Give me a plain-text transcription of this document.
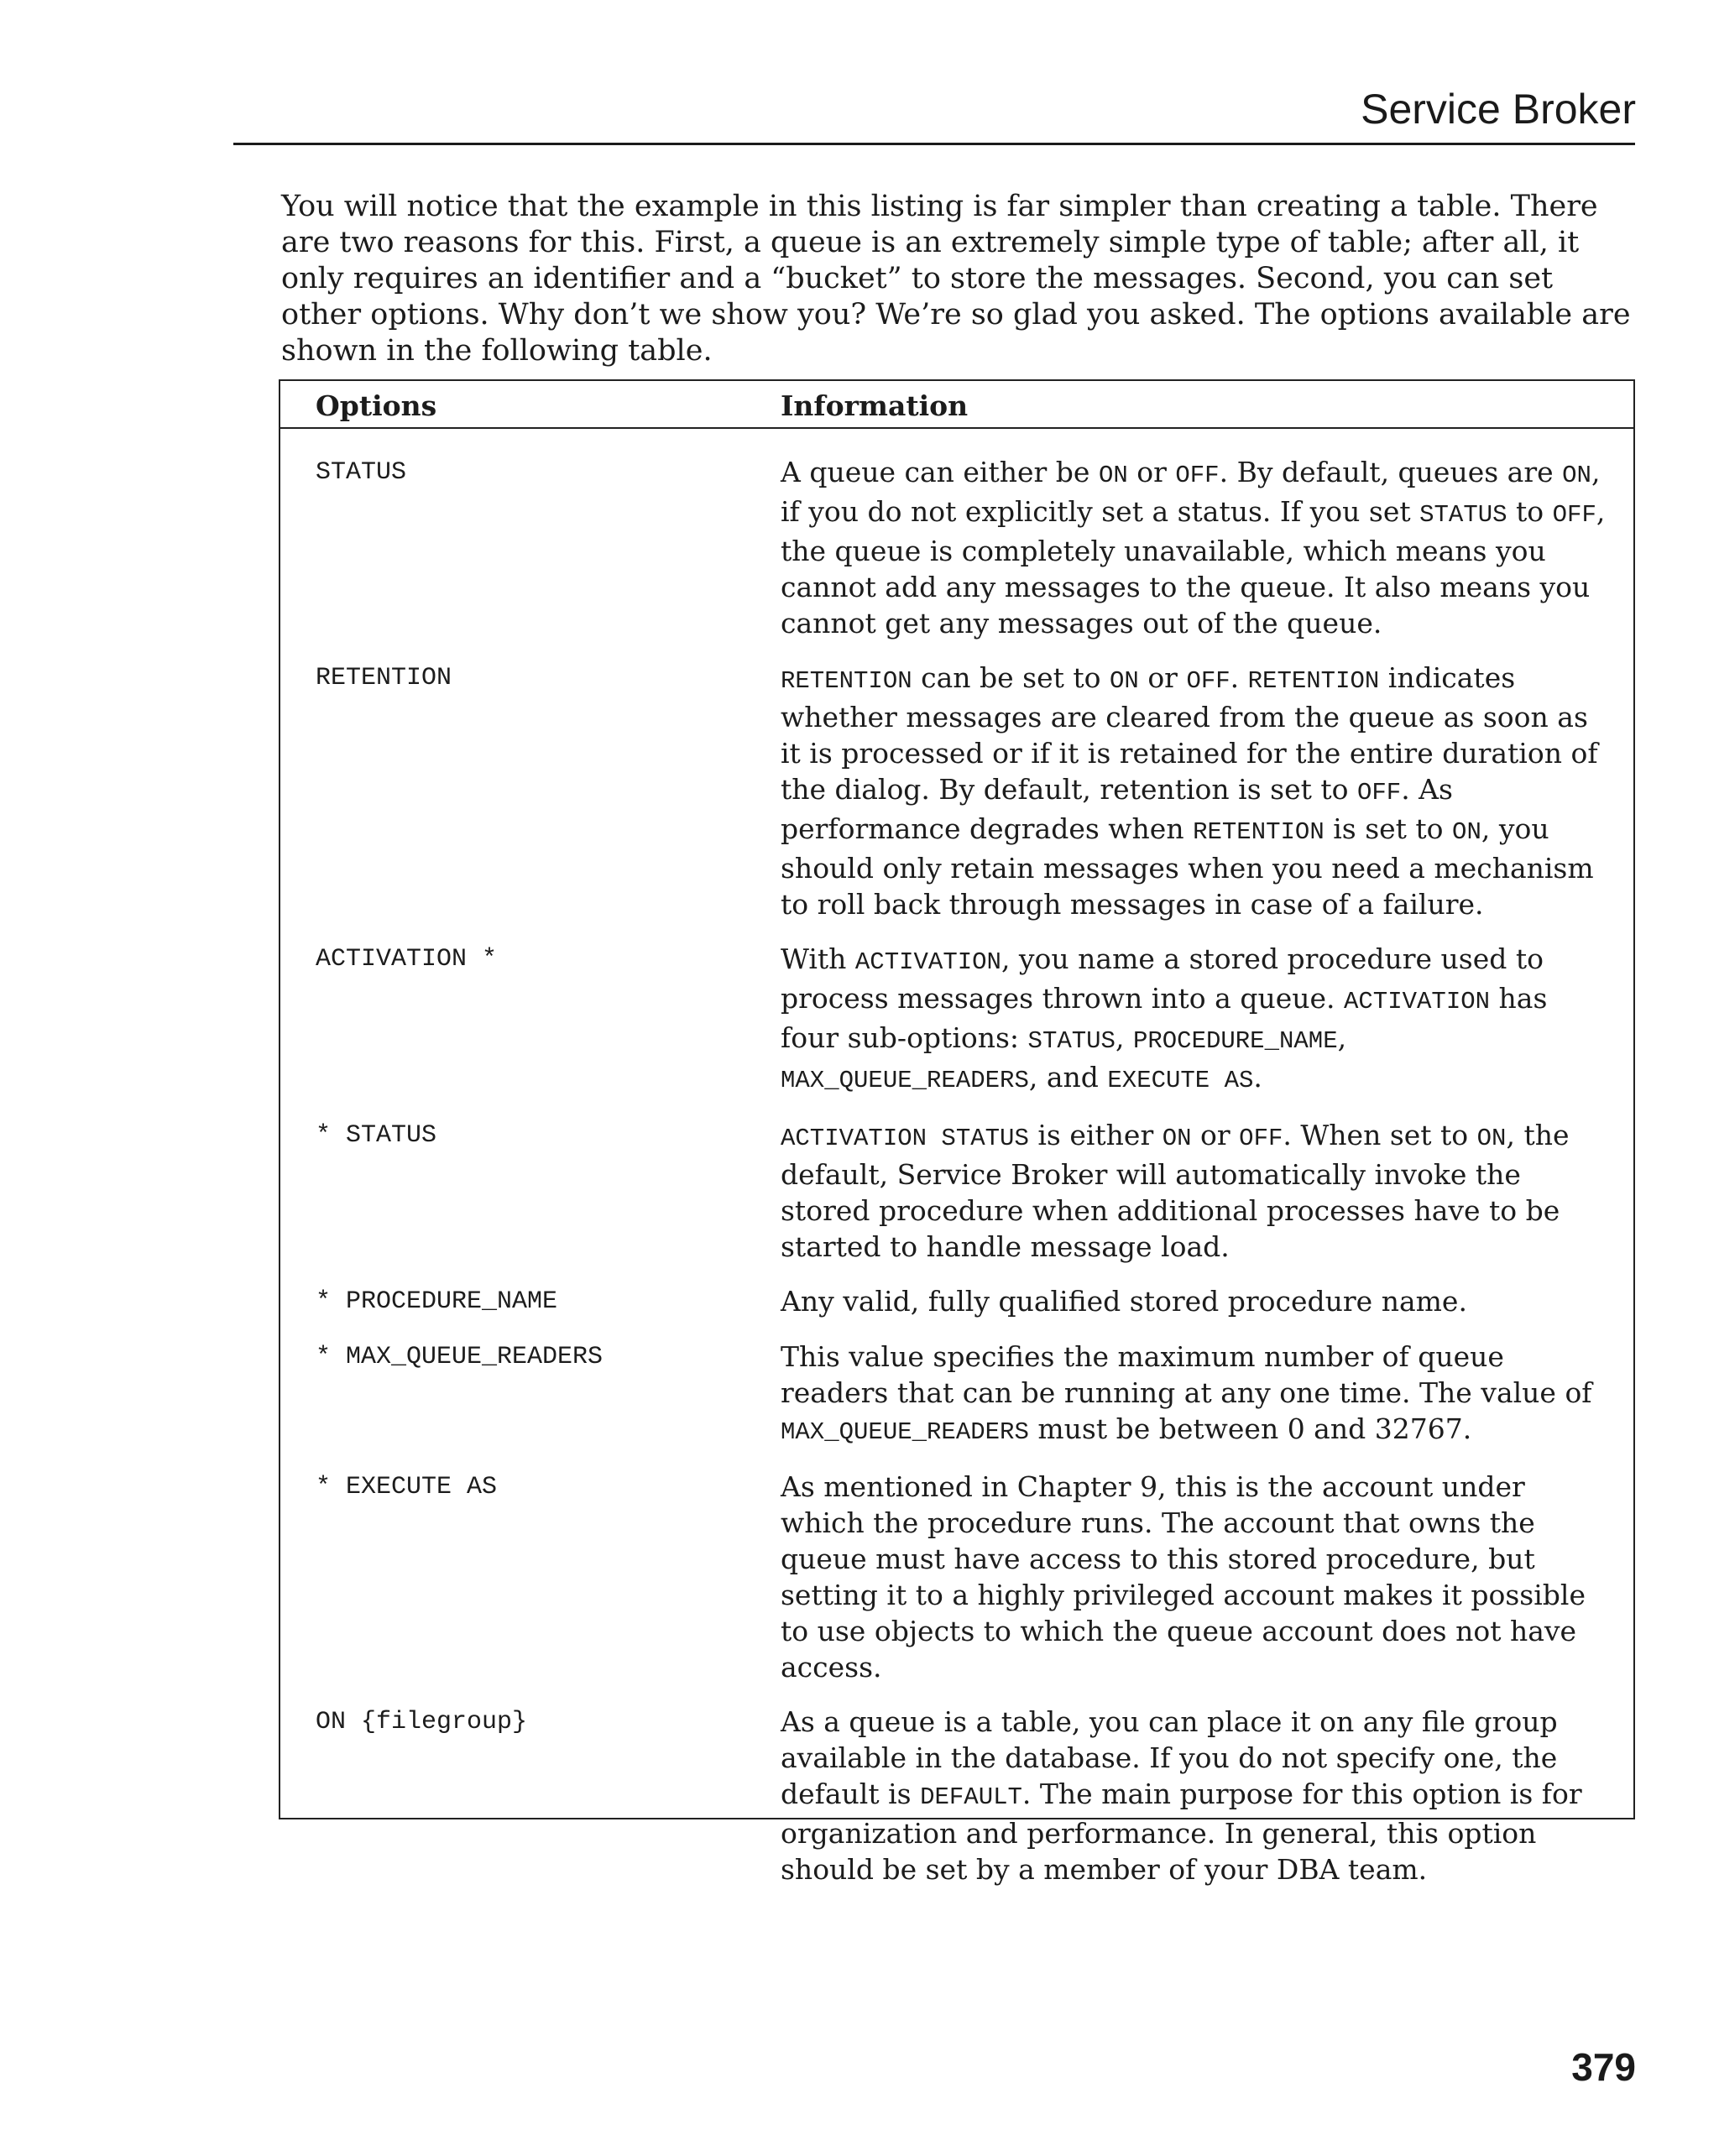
Service Broker

You will notice that the example in this listing is far simpler than creating a table. There are two reasons for this. First, a queue is an extremely simple type of table; after all, it only requires an identifier and a “bucket” to store the messages. Second, you can set other options. Why don’t we show you? We’re so glad you asked. The options available are shown in the following table.

Options	Information
STATUS	A queue can either be ON or OFF. By default, queues are ON, if you do not explicitly set a status. If you set STATUS to OFF, the queue is completely unavailable, which means you cannot add any messages to the queue. It also means you cannot get any messages out of the queue.
RETENTION	RETENTION can be set to ON or OFF. RETENTION indicates whether messages are cleared from the queue as soon as it is processed or if it is retained for the entire duration of the dialog. By default, retention is set to OFF. As performance degrades when RETENTION is set to ON, you should only retain messages when you need a mechanism to roll back through messages in case of a failure.
ACTIVATION *	With ACTIVATION, you name a stored procedure used to process messages thrown into a queue. ACTIVATION has four sub-options: STATUS, PROCEDURE_NAME, MAX_QUEUE_READERS, and EXECUTE AS.
* STATUS	ACTIVATION STATUS is either ON or OFF. When set to ON, the default, Service Broker will automatically invoke the stored procedure when additional processes have to be started to handle message load.
* PROCEDURE_NAME	Any valid, fully qualified stored procedure name.
* MAX_QUEUE_READERS	This value specifies the maximum number of queue readers that can be running at any one time. The value of MAX_QUEUE_READERS must be between 0 and 32767.
* EXECUTE AS	As mentioned in Chapter 9, this is the account under which the procedure runs. The account that owns the queue must have access to this stored procedure, but setting it to a highly privileged account makes it possible to use objects to which the queue account does not have access.
ON {filegroup}	As a queue is a table, you can place it on any file group available in the database. If you do not specify one, the default is DEFAULT. The main purpose for this option is for organization and performance. In general, this option should be set by a member of your DBA team.
379
